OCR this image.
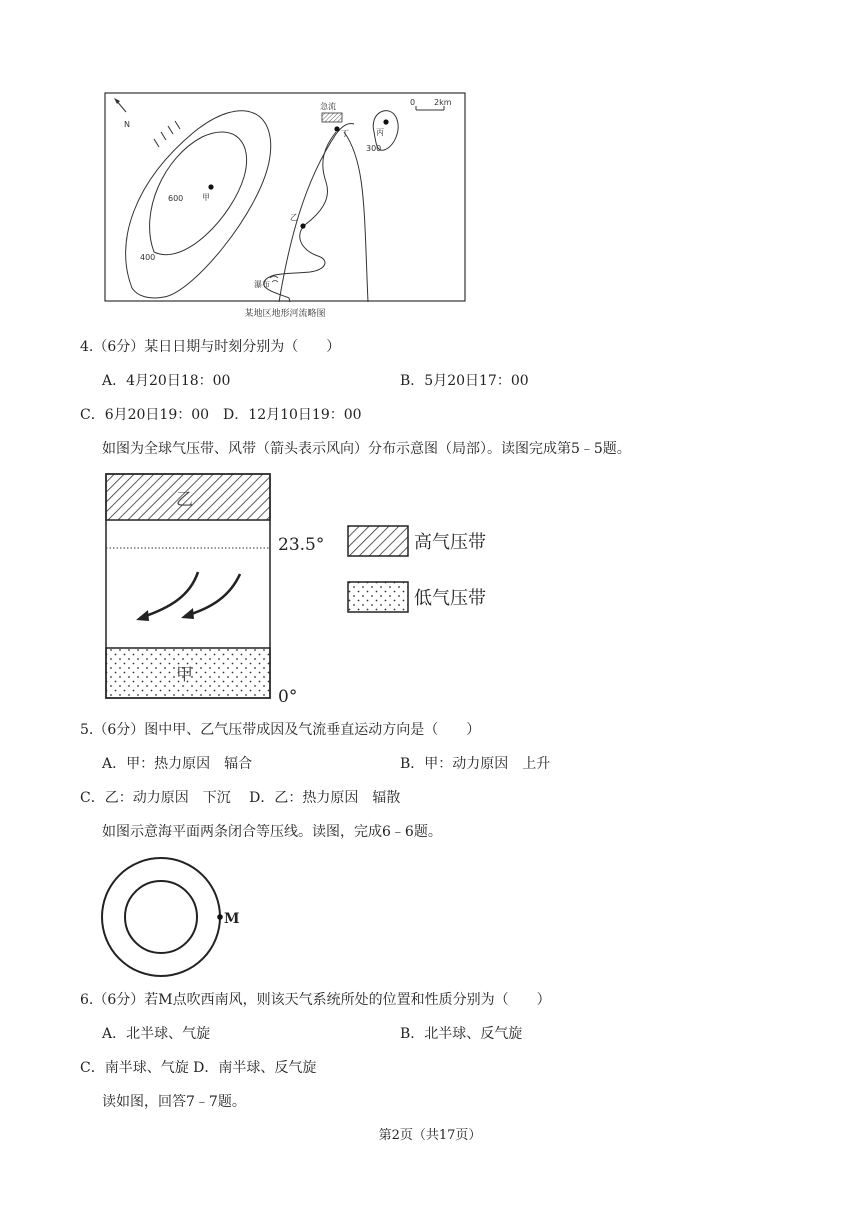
N
0 2km
600
400
甲
急流
丁
乙
瀑布
丙
300
某地区地形河流略图
4.（6分）某日日期与时刻分别为（　　）
A．4月20日18：00	B．5月20日17：00
C．6月20日19：00　D．12月10日19：00
如图为全球气压带、风带（箭头表示风向）分布示意图（局部）。读图完成第5﹣5题。
乙
23.5°
甲
0°
高气压带
低气压带
5.（6分）图中甲、乙气压带成因及气流垂直运动方向是（　　）
A．甲：热力原因　辐合	B．甲：动力原因　上升
C．乙：动力原因　下沉　 D．乙：热力原因　辐散
如图示意海平面两条闭合等压线。读图，完成6﹣6题。
M
6.（6分）若M点吹西南风，则该天气系统所处的位置和性质分别为（　　）
A．北半球、气旋	B．北半球、反气旋
C．南半球、气旋 D．南半球、反气旋
读如图，回答7﹣7题。
第2页（共17页）
